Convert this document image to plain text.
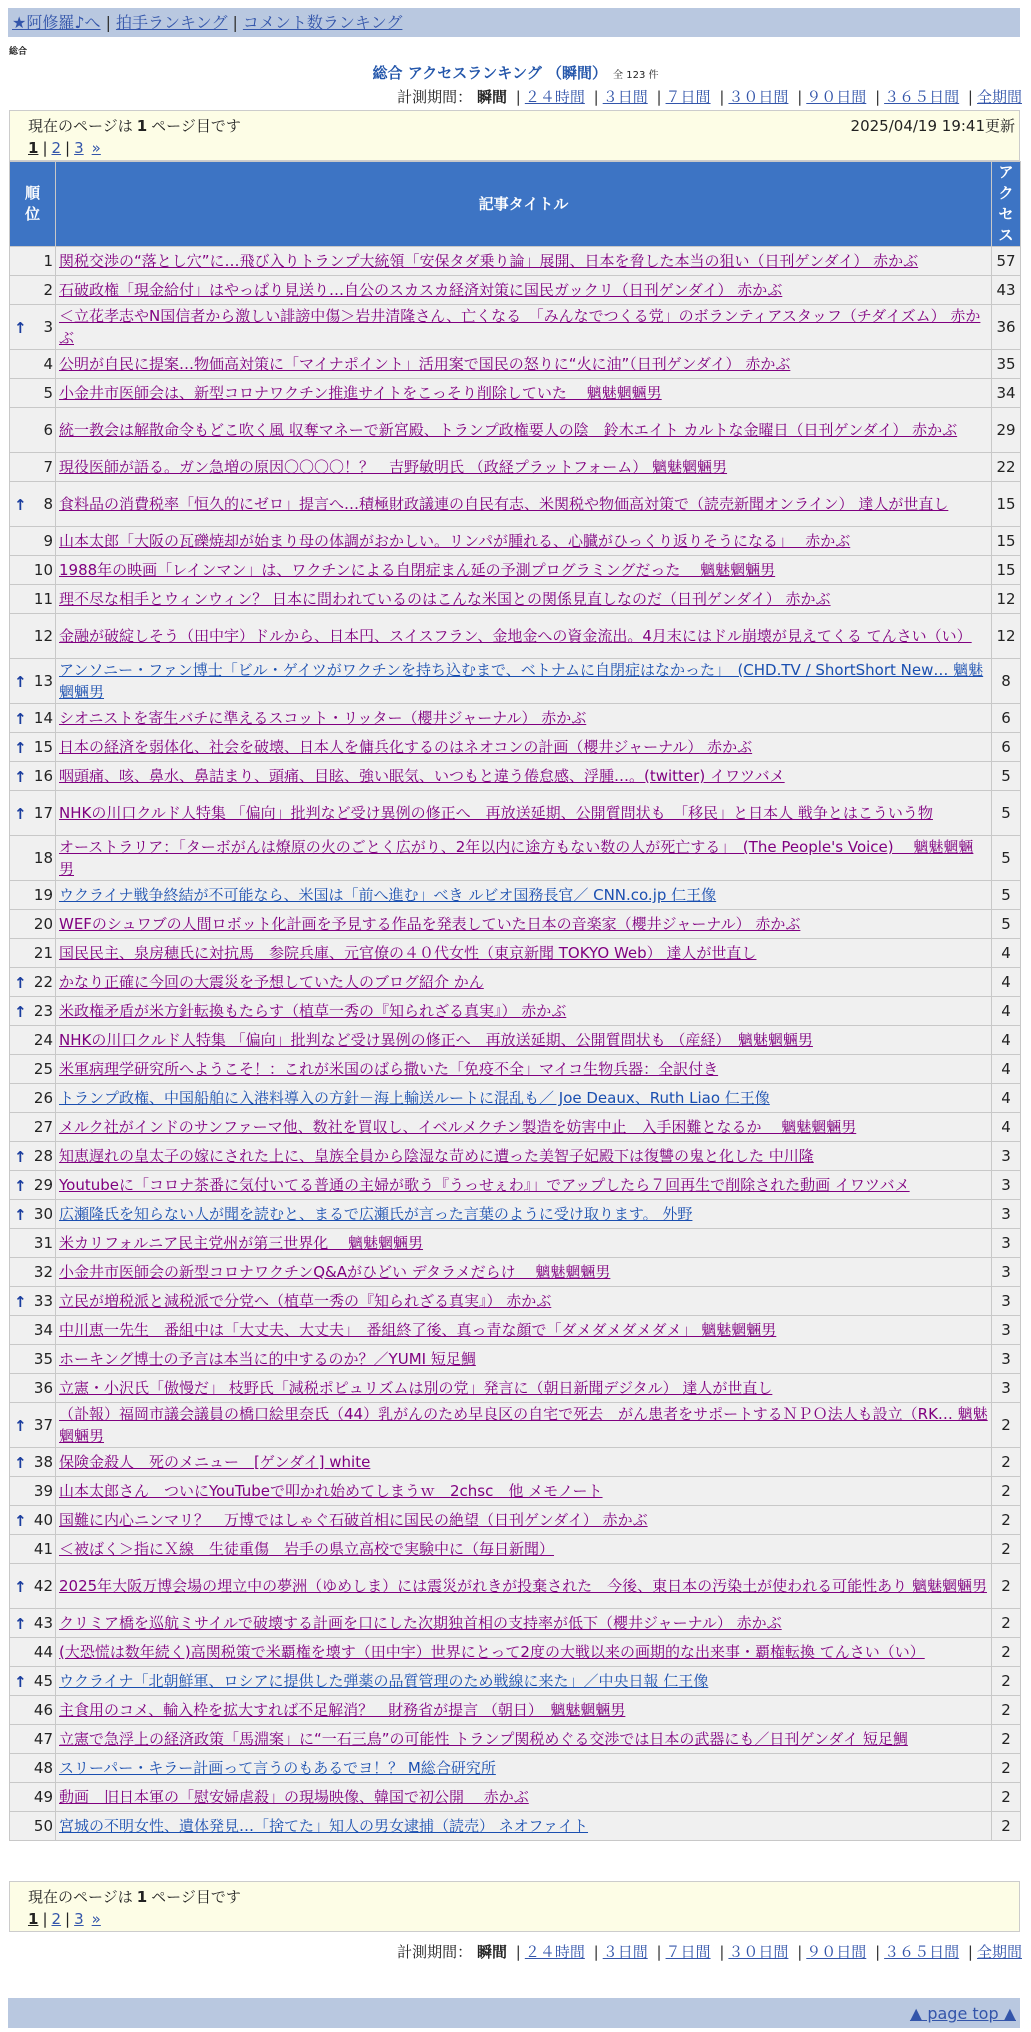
★阿修羅♪へ | 拍手ランキング | コメント数ランキング
総合
総合 アクセスランキング （瞬間） 全 123 件
計測期間： 瞬間 | ２４時間 | ３日間 | ７日間 | ３０日間 | ９０日間 | ３６５日間 | 全期間
現在のページは 1 ページ目です	2025/04/19 19:41更新
1 | 2 | 3 »
順位	記事タイトル	アクセス

1	関税交渉の“落とし穴”に…飛び入りトランプ大統領「安保タダ乗り論」展開、日本を脅した本当の狙い（日刊ゲンダイ） 赤かぶ	57
2	石破政権「現金給付」はやっぱり見送り…自公のスカスカ経済対策に国民ガックリ（日刊ゲンダイ） 赤かぶ	43

↑ 3	＜立花孝志やN国信者から激しい誹謗中傷＞岩井清隆さん、亡くなる　「みんなでつくる党」のボランティアスタッフ（チダイズム） 赤かぶ	36
4	公明が自民に提案…物価高対策に「マイナポイント」活用案で国民の怒りに“火に油”（日刊ゲンダイ） 赤かぶ	35
5	小金井市医師会は、新型コロナワクチン推進サイトをこっそり削除していた　 魑魅魍魎男	34
6	統一教会は解散命令もどこ吹く風 収奪マネーで新宮殿、トランプ政権要人の陰　鈴木エイト カルトな金曜日（日刊ゲンダイ） 赤かぶ	29
7	現役医師が語る。ガン急増の原因〇〇〇〇！？　吉野敏明氏 （政経プラットフォーム） 魑魅魍魎男	22

↑ 8	食料品の消費税率「恒久的にゼロ」提言へ…積極財政議連の自民有志、米関税や物価高対策で（読売新聞オンライン） 達人が世直し	15
9	山本太郎「大阪の瓦礫焼却が始まり母の体調がおかしい。リンパが腫れる、心臓がひっくり返りそうになる」　 赤かぶ	15
10	1988年の映画「レインマン」は、ワクチンによる自閉症まん延の予測プログラミングだった　 魑魅魍魎男	15
11	理不尽な相手とウィンウィン？ 日本に問われているのはこんな米国との関係見直しなのだ（日刊ゲンダイ） 赤かぶ	12
12	金融が破綻しそう（田中宇）ドルから、日本円、スイスフラン、金地金への資金流出。4月末にはドル崩壊が見えてくる てんさい（い）	12

↑ 13	アンソニー・ファン博士「ビル・ゲイツがワクチンを持ち込むまで、ベトナムに自閉症はなかった」　(CHD.TV / ShortShort New… 魑魅魍魎男	8

↑ 14	シオニストを寄生バチに準えるスコット・リッター（櫻井ジャーナル） 赤かぶ	6

↑ 15	日本の経済を弱体化、社会を破壊、日本人を傭兵化するのはネオコンの計画（櫻井ジャーナル） 赤かぶ	6

↑ 16	咽頭痛、咳、鼻水、鼻詰まり、頭痛、目眩、強い眠気、いつもと違う倦怠感、浮腫…。(twitter) イワツバメ	5

↑ 17	NHKの川口クルド人特集 「偏向」批判など受け異例の修正へ　再放送延期、公開質問状も　「移民」と日本人 戦争とはこういう物	5
18	オーストラリア：「ターボがんは燎原の火のごとく広がり、2年以内に途方もない数の人が死亡する」　(The People's Voice)　 魑魅魍魎男	5
19	ウクライナ戦争終結が不可能なら、米国は「前へ進む」べき ルビオ国務長官／ CNN.co.jp 仁王像	5
20	WEFのシュワブの人間ロボット化計画を予見する作品を発表していた日本の音楽家（櫻井ジャーナル） 赤かぶ	5
21	国民民主、泉房穂氏に対抗馬　参院兵庫、元官僚の４０代女性（東京新聞 TOKYO Web） 達人が世直し	4

↑ 22	かなり正確に今回の大震災を予想していた人のブログ紹介 かん	4

↑ 23	米政権矛盾が米方針転換もたらす（植草一秀の『知られざる真実』） 赤かぶ	4
24	NHKの川口クルド人特集 「偏向」批判など受け異例の修正へ　再放送延期、公開質問状も （産経）　魑魅魍魎男	4
25	米軍病理学研究所へようこそ！：これが米国のばら撒いた「免疫不全」マイコ生物兵器：全訳付き	4
26	トランプ政権、中国船舶に入港料導入の方針－海上輸送ルートに混乱も／ Joe Deaux、Ruth Liao 仁王像	4
27	メルク社がインドのサンファーマ他、数社を買収し、イベルメクチン製造を妨害中止　入手困難となるか　 魑魅魍魎男	4

↑ 28	知恵遅れの皇太子の嫁にされた上に、皇族全員から陰湿な苛めに遭った美智子妃殿下は復讐の鬼と化した 中川隆	3

↑ 29	Youtubeに「コロナ茶番に気付いてる普通の主婦が歌う『うっせぇわ』」でアップしたら７回再生で削除された動画 イワツバメ	3

↑ 30	広瀬隆氏を知らない人が聞を読むと、まるで広瀬氏が言った言葉のように受け取ります。 外野	3
31	米カリフォルニア民主党州が第三世界化　 魑魅魍魎男	3
32	小金井市医師会の新型コロナワクチンQ&Aがひどい デタラメだらけ　 魑魅魍魎男	3

↑ 33	立民が増税派と減税派で分党へ（植草一秀の『知られざる真実』） 赤かぶ	3
34	中川恵一先生　番組中は「大丈夫、大丈夫」　番組終了後、真っ青な顔で「ダメダメダメダメ」 魑魅魍魎男	3
35	ホーキング博士の予言は本当に的中するのか？／YUMI 短足鯛	3
36	立憲・小沢氏「傲慢だ」 枝野氏「減税ポピュリズムは別の党」発言に（朝日新聞デジタル） 達人が世直し	3

↑ 37	（訃報）福岡市議会議員の橋口絵里奈氏（44）乳がんのため早良区の自宅で死去　がん患者をサポートするＮＰＯ法人も設立（RK… 魑魅魍魎男	2

↑ 38	保険金殺人　死のメニュー　[ゲンダイ] white	2
39	山本太郎さん　ついにYouTubeで叩かれ始めてしまうｗ　2chsc　他 メモノート	2

↑ 40	国難に内心ニンマリ？　万博ではしゃぐ石破首相に国民の絶望（日刊ゲンダイ） 赤かぶ	2
41	＜被ばく＞指にＸ線　生徒重傷　岩手の県立高校で実験中に（毎日新聞）	2

↑ 42	2025年大阪万博会場の埋立中の夢洲（ゆめしま）には震災がれきが投棄された　今後、東日本の汚染土が使われる可能性あり 魑魅魍魎男	2

↑ 43	クリミア橋を巡航ミサイルで破壊する計画を口にした次期独首相の支持率が低下（櫻井ジャーナル） 赤かぶ	2
44	(大恐慌は数年続く)高関税策で米覇権を壊す（田中宇）世界にとって2度の大戦以来の画期的な出来事・覇権転換 てんさい（い）	2

↑ 45	ウクライナ「北朝鮮軍、ロシアに提供した弾薬の品質管理のため戦線に来た」／中央日報 仁王像	2
46	主食用のコメ、輸入枠を拡大すれば不足解消？　財務省が提言 （朝日）　魑魅魍魎男	2
47	立憲で急浮上の経済政策「馬淵案」に“一石三鳥”の可能性 トランプ関税めぐる交渉では日本の武器にも／日刊ゲンダイ 短足鯛	2
48	スリーパー・キラー計画って言うのもあるでヨ！？ M総合研究所	2
49	動画　旧日本軍の「慰安婦虐殺」の現場映像、韓国で初公開　 赤かぶ	2
50	宮城の不明女性、遺体発見…「捨てた」知人の男女逮捕（読売） ネオファイト	2
現在のページは 1 ページ目です
1 | 2 | 3 »
計測期間： 瞬間 | ２４時間 | ３日間 | ７日間 | ３０日間 | ９０日間 | ３６５日間 | 全期間
▲ page top ▲
